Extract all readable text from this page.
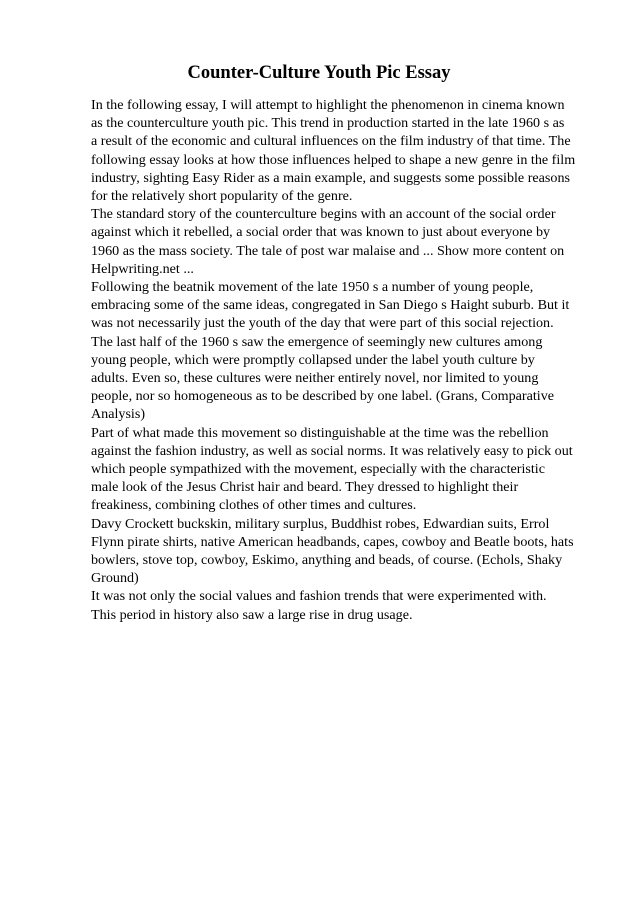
Counter-Culture Youth Pic Essay
In the following essay, I will attempt to highlight the phenomenon in cinema known
as the counterculture youth pic. This trend in production started in the late 1960 s as
a result of the economic and cultural influences on the film industry of that time. The
following essay looks at how those influences helped to shape a new genre in the film
industry, sighting Easy Rider as a main example, and suggests some possible reasons
for the relatively short popularity of the genre.
The standard story of the counterculture begins with an account of the social order
against which it rebelled, a social order that was known to just about everyone by
1960 as the mass society. The tale of post war malaise and ... Show more content on
Helpwriting.net ...
Following the beatnik movement of the late 1950 s a number of young people,
embracing some of the same ideas, congregated in San Diego s Haight suburb. But it
was not necessarily just the youth of the day that were part of this social rejection.
The last half of the 1960 s saw the emergence of seemingly new cultures among
young people, which were promptly collapsed under the label youth culture by
adults. Even so, these cultures were neither entirely novel, nor limited to young
people, nor so homogeneous as to be described by one label. (Grans, Comparative
Analysis)
Part of what made this movement so distinguishable at the time was the rebellion
against the fashion industry, as well as social norms. It was relatively easy to pick out
which people sympathized with the movement, especially with the characteristic
male look of the Jesus Christ hair and beard. They dressed to highlight their
freakiness, combining clothes of other times and cultures.
Davy Crockett buckskin, military surplus, Buddhist robes, Edwardian suits, Errol
Flynn pirate shirts, native American headbands, capes, cowboy and Beatle boots, hats
bowlers, stove top, cowboy, Eskimo, anything and beads, of course. (Echols, Shaky
Ground)
It was not only the social values and fashion trends that were experimented with.
This period in history also saw a large rise in drug usage.
